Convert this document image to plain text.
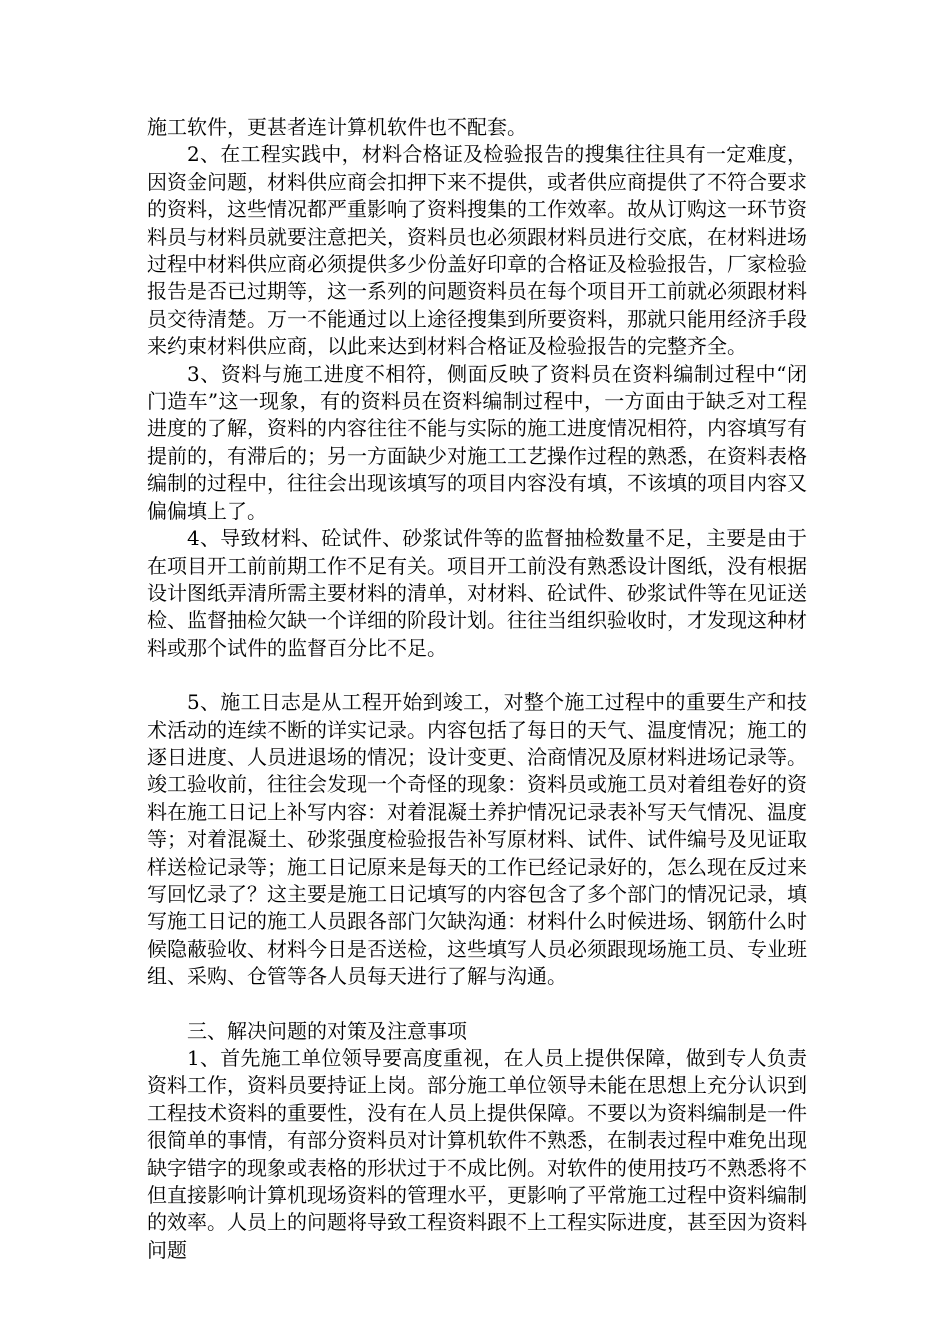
施工软件，更甚者连计算机软件也不配套。

2、在工程实践中，材料合格证及检验报告的搜集往往具有一定难度，因资金问题，材料供应商会扣押下来不提供，或者供应商提供了不符合要求的资料，这些情况都严重影响了资料搜集的工作效率。故从订购这一环节资料员与材料员就要注意把关，资料员也必须跟材料员进行交底，在材料进场过程中材料供应商必须提供多少份盖好印章的合格证及检验报告，厂家检验报告是否已过期等，这一系列的问题资料员在每个项目开工前就必须跟材料员交待清楚。万一不能通过以上途径搜集到所要资料，那就只能用经济手段来约束材料供应商，以此来达到材料合格证及检验报告的完整齐全。

3、资料与施工进度不相符，侧面反映了资料员在资料编制过程中“闭门造车”这一现象，有的资料员在资料编制过程中，一方面由于缺乏对工程进度的了解，资料的内容往往不能与实际的施工进度情况相符，内容填写有提前的，有滞后的；另一方面缺少对施工工艺操作过程的熟悉，在资料表格编制的过程中，往往会出现该填写的项目内容没有填，不该填的项目内容又偏偏填上了。

4、导致材料、砼试件、砂浆试件等的监督抽检数量不足，主要是由于在项目开工前前期工作不足有关。项目开工前没有熟悉设计图纸，没有根据设计图纸弄清所需主要材料的清单，对材料、砼试件、砂浆试件等在见证送检、监督抽检欠缺一个详细的阶段计划。往往当组织验收时，才发现这种材料或那个试件的监督百分比不足。

5、施工日志是从工程开始到竣工，对整个施工过程中的重要生产和技术活动的连续不断的详实记录。内容包括了每日的天气、温度情况；施工的逐日进度、人员进退场的情况；设计变更、洽商情况及原材料进场记录等。竣工验收前，往往会发现一个奇怪的现象：资料员或施工员对着组卷好的资料在施工日记上补写内容：对着混凝土养护情况记录表补写天气情况、温度等；对着混凝土、砂浆强度检验报告补写原材料、试件、试件编号及见证取样送检记录等；施工日记原来是每天的工作已经记录好的，怎么现在反过来写回忆录了？这主要是施工日记填写的内容包含了多个部门的情况记录，填写施工日记的施工人员跟各部门欠缺沟通：材料什么时候进场、钢筋什么时候隐蔽验收、材料今日是否送检，这些填写人员必须跟现场施工员、专业班组、采购、仓管等各人员每天进行了解与沟通。

三、解决问题的对策及注意事项

1、首先施工单位领导要高度重视，在人员上提供保障，做到专人负责资料工作，资料员要持证上岗。部分施工单位领导未能在思想上充分认识到工程技术资料的重要性，没有在人员上提供保障。不要以为资料编制是一件很简单的事情，有部分资料员对计算机软件不熟悉，在制表过程中难免出现缺字错字的现象或表格的形状过于不成比例。对软件的使用技巧不熟悉将不但直接影响计算机现场资料的管理水平，更影响了平常施工过程中资料编制的效率。人员上的问题将导致工程资料跟不上工程实际进度，甚至因为资料问题
